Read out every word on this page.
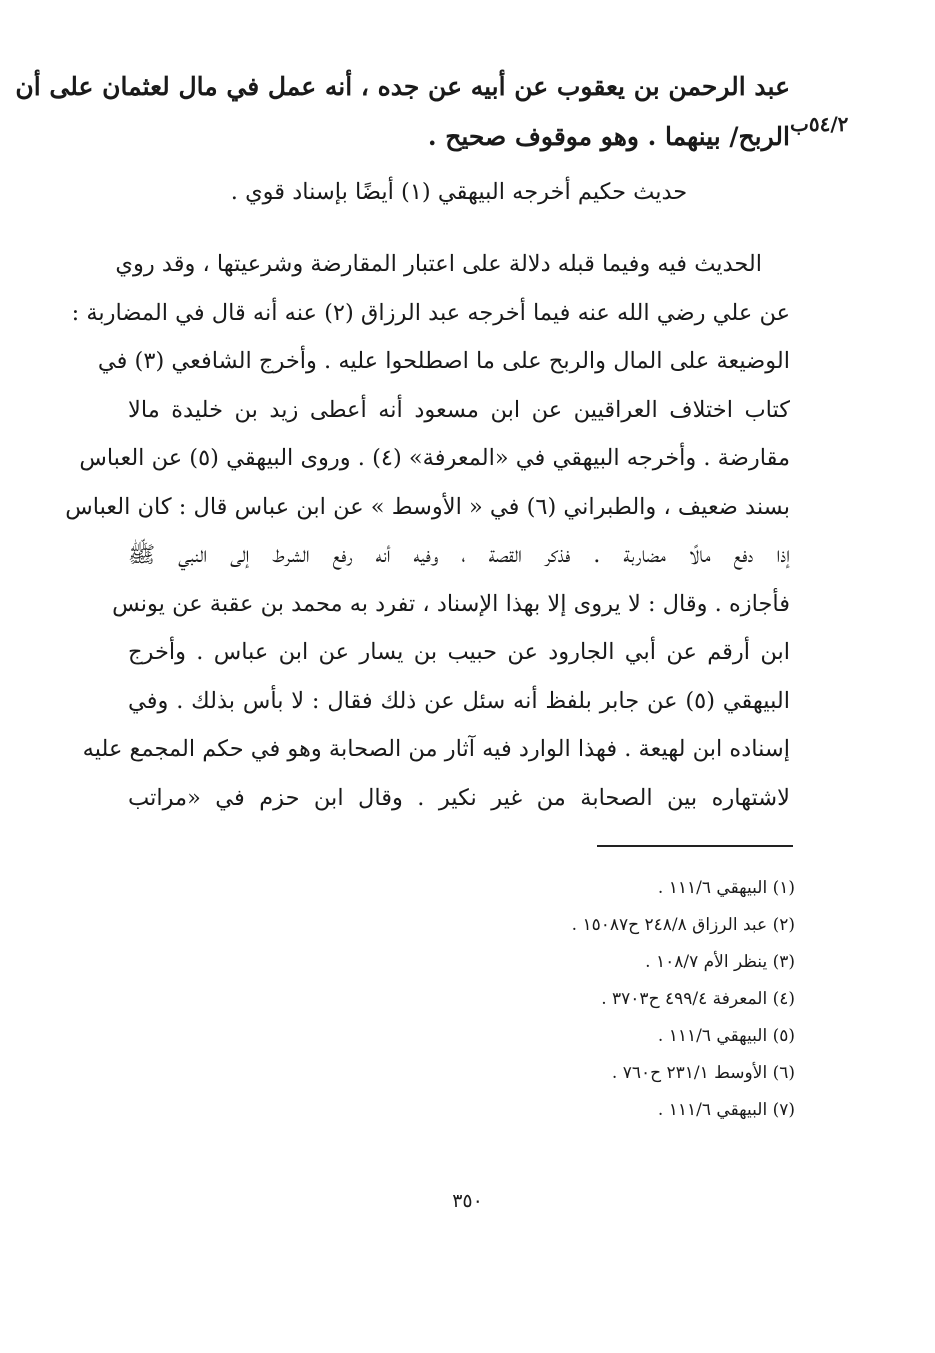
عبد الرحمن بن يعقوب عن أبيه عن جده ، أنه عمل في مال لعثمان على أن
الربح/ بينهما . وهو موقوف صحيح . ٥٤/٢ب
حديث حكيم أخرجه البيهقي (١) أيضًا بإسناد قوي .
الحديث فيه وفيما قبله دلالة على اعتبار المقارضة وشرعيتها ، وقد روي
عن علي رضي الله عنه فيما أخرجه عبد الرزاق (٢) عنه أنه قال في المضاربة :
الوضيعة على المال والربح على ما اصطلحوا عليه . وأخرج الشافعي (٣) في
كتاب اختلاف العراقيين عن ابن مسعود أنه أعطى زيد بن خليدة مالا
مقارضة . وأخرجه البيهقي في «المعرفة» (٤) . وروى البيهقي (٥) عن العباس
بسند ضعيف ، والطبراني (٦) في « الأوسط » عن ابن عباس قال : كان العباس
إذا دفع مالًا مضاربة . فذكر القصة ، وفيه أنه رفع الشرط إلى النبي ﷺ
فأجازه . وقال : لا يروى إلا بهذا الإسناد ، تفرد به محمد بن عقبة عن يونس
ابن أرقم عن أبي الجارود عن حبيب بن يسار عن ابن عباس . وأخرج
البيهقي (٥) عن جابر بلفظ أنه سئل عن ذلك فقال : لا بأس بذلك . وفي
إسناده ابن لهيعة . فهذا الوارد فيه آثار من الصحابة وهو في حكم المجمع عليه
لاشتهاره بين الصحابة من غير نكير . وقال ابن حزم في «مراتب
(١) البيهقي ١١١/٦ .
(٢) عبد الرزاق ٢٤٨/٨ ح١٥٠٨٧ .
(٣) ينظر الأم ١٠٨/٧ .
(٤) المعرفة ٤٩٩/٤ ح٣٧٠٣ .
(٥) البيهقي ١١١/٦ .
(٦) الأوسط ٢٣١/١ ح٧٦٠ .
(٧) البيهقي ١١١/٦ .
٣٥٠
